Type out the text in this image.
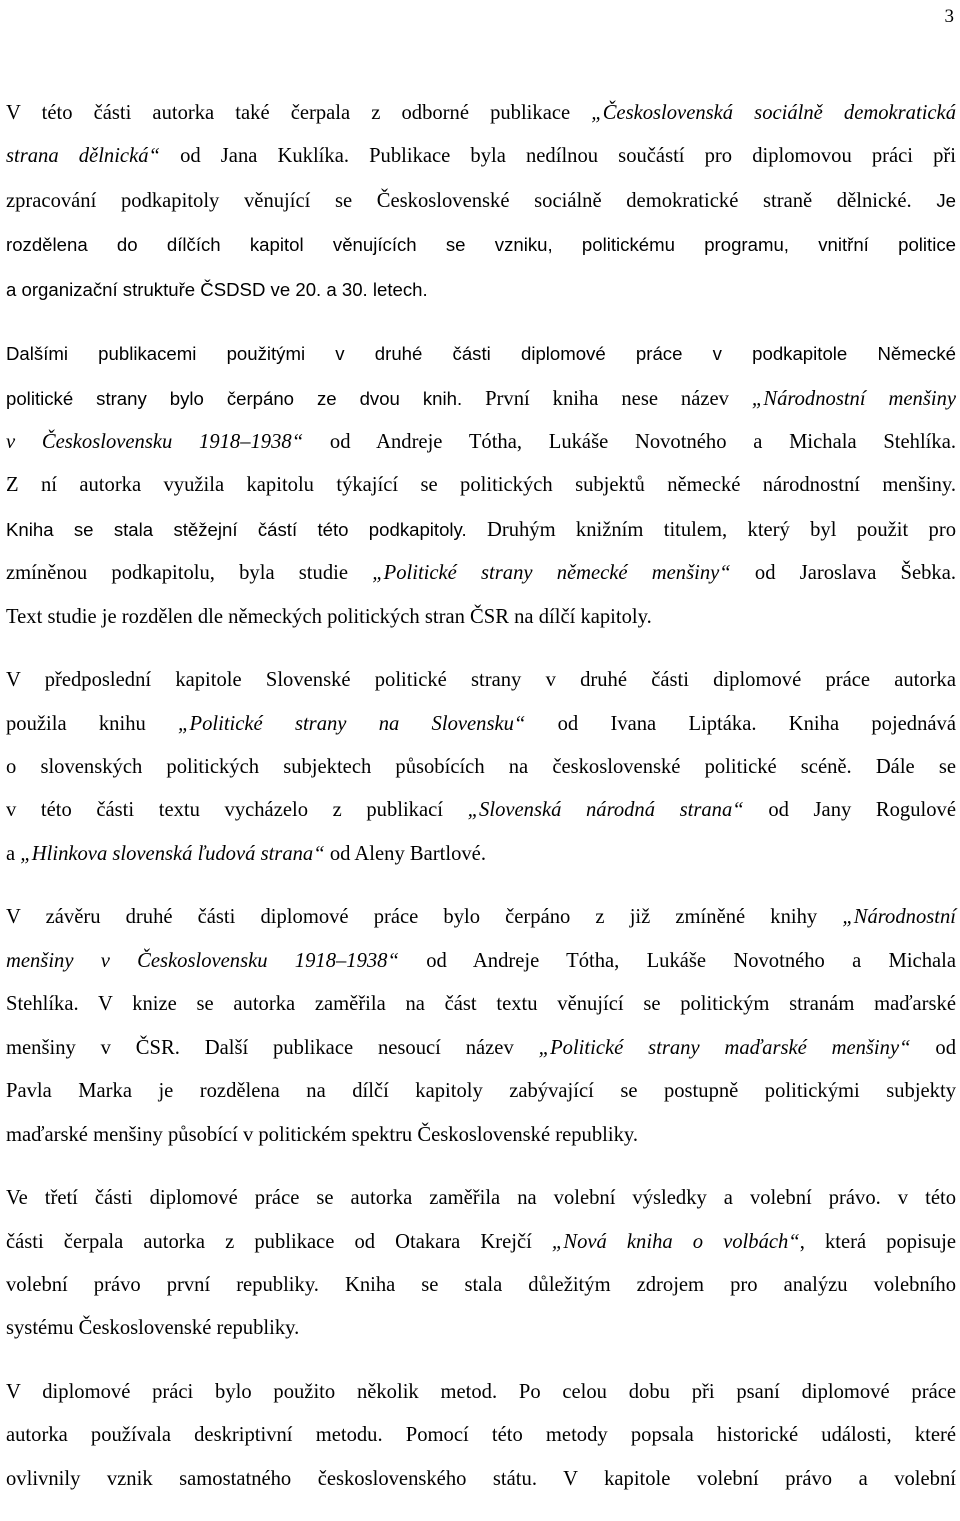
3
V této části autorka také čerpala z odborné publikace „Československá sociálně demokratická
strana dělnická“ od Jana Kuklíka. Publikace byla nedílnou součástí pro diplomovou práci při
zpracování podkapitoly věnující se Československé sociálně demokratické straně dělnické. Je
rozdělena do dílčích kapitol věnujících se vzniku, politickému programu, vnitřní politice
a organizační struktuře ČSDSD ve 20. a 30. letech.
Dalšími publikacemi použitými v druhé části diplomové práce v podkapitole Německé
politické strany bylo čerpáno ze dvou knih. První kniha nese název „Národnostní menšiny
v Československu 1918–1938“ od Andreje Tótha, Lukáše Novotného a Michala Stehlíka.
Z ní autorka využila kapitolu týkající se politických subjektů německé národnostní menšiny.
Kniha se stala stěžejní částí této podkapitoly. Druhým knižním titulem, který byl použit pro
zmíněnou podkapitolu, byla studie „Politické strany německé menšiny“ od Jaroslava Šebka.
Text studie je rozdělen dle německých politických stran ČSR na dílčí kapitoly.
V předposlední kapitole Slovenské politické strany v druhé části diplomové práce autorka
použila knihu „Politické strany na Slovensku“ od Ivana Liptáka. Kniha pojednává
o slovenských politických subjektech působících na československé politické scéně. Dále se
v této části textu vycházelo z publikací „Slovenská národná strana“ od Jany Rogulové
a „Hlinkova slovenská ľudová strana“ od Aleny Bartlové.
V závěru druhé části diplomové práce bylo čerpáno z již zmíněné knihy „Národnostní
menšiny v Československu 1918–1938“ od Andreje Tótha, Lukáše Novotného a Michala
Stehlíka. V knize se autorka zaměřila na část textu věnující se politickým stranám maďarské
menšiny v ČSR. Další publikace nesoucí název „Politické strany maďarské menšiny“ od
Pavla Marka je rozdělena na dílčí kapitoly zabývající se postupně politickými subjekty
maďarské menšiny působící v politickém spektru Československé republiky.
Ve třetí části diplomové práce se autorka zaměřila na volební výsledky a volební právo. v této
části čerpala autorka z publikace od Otakara Krejčí „Nová kniha o volbách“, která popisuje
volební právo první republiky. Kniha se stala důležitým zdrojem pro analýzu volebního
systému Československé republiky.
V diplomové práci bylo použito několik metod. Po celou dobu při psaní diplomové práce
autorka používala deskriptivní metodu. Pomocí této metody popsala historické události, které
ovlivnily vznik samostatného československého státu. V kapitole volební právo a volební
